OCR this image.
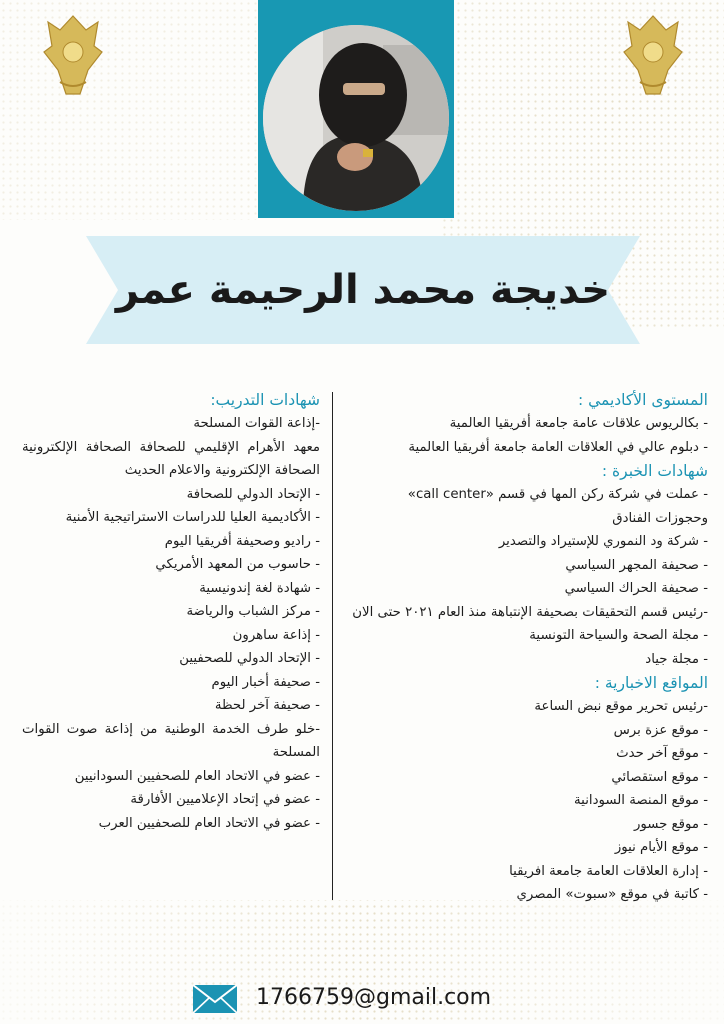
خديجة محمد الرحيمة عمر
المستوى الأكاديمي :
- بكالريوس علاقات عامة جامعة أفريقيا العالمية
- دبلوم عالي في العلاقات العامة جامعة أفريقيا العالمية
شهادات الخبرة :
- عملت في شركة ركن المها في قسم «call center» وحجوزات الفنادق
- شركة ود النموري للإستيراد والتصدير
- صحيفة المجهر السياسي
- صحيفة الحراك السياسي
-رئيس قسم التحقيقات بصحيفة الإنتباهة منذ العام ٢٠٢١ حتى الان
- مجلة الصحة والسياحة التونسية
- مجلة جياد
المواقع الاخبارية :
-رئيس تحرير موقع نبض الساعة
- موقع عزة برس
- موقع آخر حدث
- موقع استقصائي
- موقع المنصة السودانية
- موقع جسور
- موقع الأيام نيوز
- إدارة العلاقات العامة جامعة افريقيا
- كاتبة في موقع «سبوت» المصري
شهادات التدريب:
-إذاعة القوات المسلحة
معهد الأهرام الإقليمي للصحافة الصحافة الإلكترونية الصحافة الإلكترونية والاعلام الحديث
- الإتحاد الدولي للصحافة
- الأكاديمية العليا للدراسات الاستراتيجية الأمنية
- راديو وصحيفة أفريقيا اليوم
- حاسوب من المعهد الأمريكي
- شهادة لغة إندونيسية
- مركز الشباب والرياضة
- إذاعة ساهرون
- الإتحاد الدولي للصحفيين
- صحيفة أخبار اليوم
- صحيفة آخر لحظة
-خلو طرف الخدمة الوطنية من إذاعة صوت القوات المسلحة
- عضو في الاتحاد العام للصحفيين السودانيين
- عضو في إتحاد الإعلاميين الأفارقة
- عضو في الاتحاد العام للصحفيين العرب
1766759@gmail.com
